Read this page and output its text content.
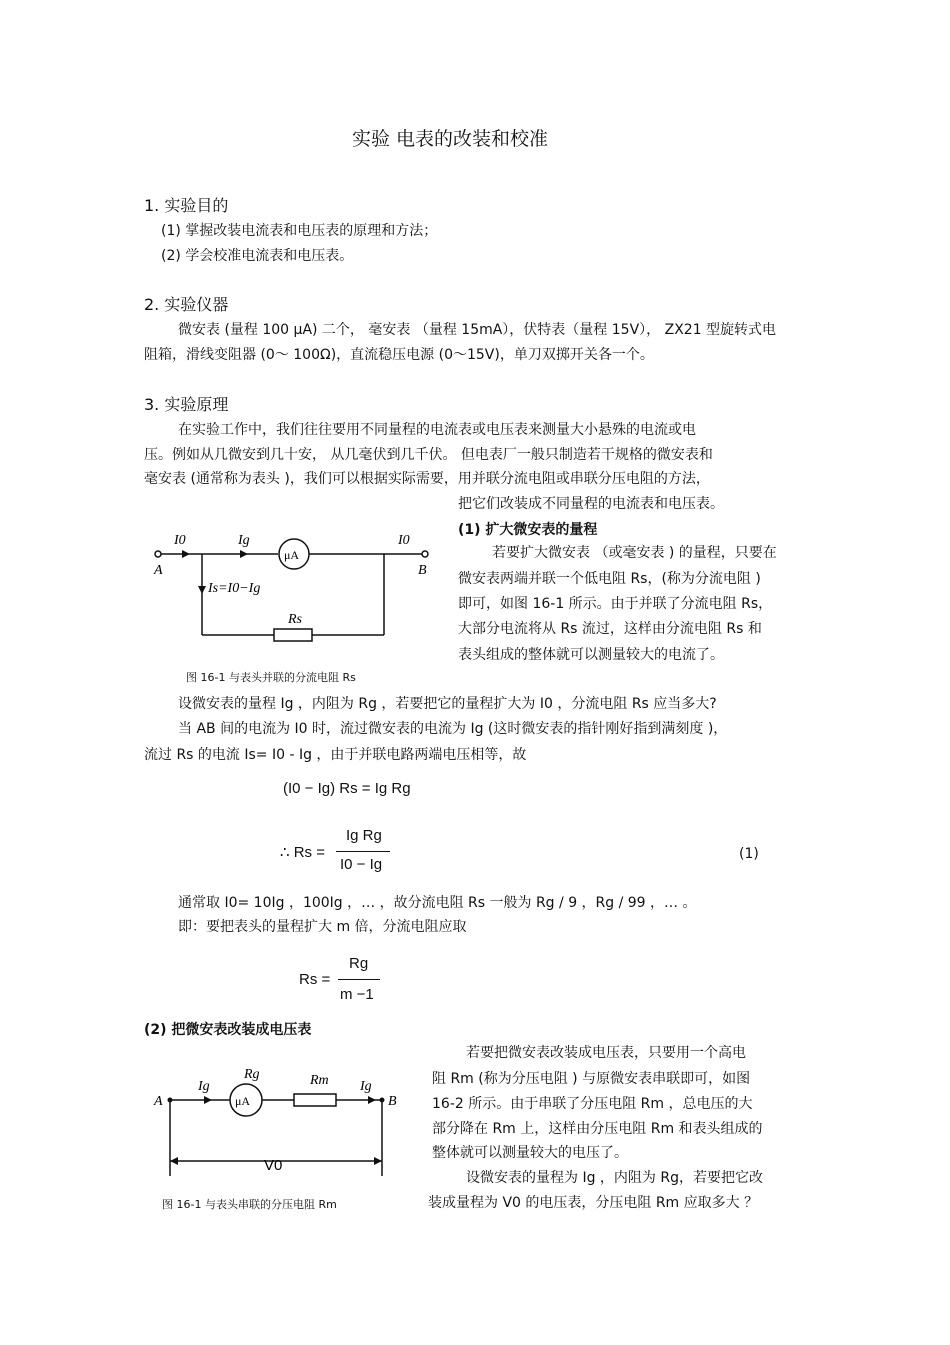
实验 电表的改装和校准
1. 实验目的
(1) 掌握改装电流表和电压表的原理和方法；
(2) 学会校准电流表和电压表。
2. 实验仪器
微安表 (量程 100 μA) 二个， 毫安表 （量程 15mA），伏特表（量程 15V）， ZX21 型旋转式电
阻箱，滑线变阻器 (0～ 100Ω)，直流稳压电源 (0～15V)，单刀双掷开关各一个。
3. 实验原理
在实验工作中，我们往往要用不同量程的电流表或电压表来测量大小悬殊的电流或电
压。例如从几微安到几十安， 从几毫伏到几千伏。 但电表厂一般只制造若干规格的微安表和
毫安表 (通常称为表头 )，我们可以根据实际需要，用并联分流电阻或串联分压电阻的方法，
把它们改装成不同量程的电流表和电压表。
(1) 扩大微安表的量程
若要扩大微安表 （或毫安表 ) 的量程，只要在
微安表两端并联一个低电阻 Rs，(称为分流电阻 )
即可，如图 16-1 所示。由于并联了分流电阻 Rs，
大部分电流将从 Rs 流过，这样由分流电阻 Rs 和
表头组成的整体就可以测量较大的电流了。
I0	Ig
μA
I0
A	B
Is=I0−Ig
Rs
图 16-1 与表头并联的分流电阻 Rs
设微安表的量程 Ig ，内阻为 Rg ，若要把它的量程扩大为 I0 ，分流电阻 Rs 应当多大?
当 AB 间的电流为 I0 时，流过微安表的电流为 Ig (这时微安表的指针刚好指到满刻度 )，
流过 Rs 的电流 Is= I0 - Ig ，由于并联电路两端电压相等，故
(I0 − Ig) Rs = Ig Rg
∴ Rs =
Ig Rg
I0 − Ig
(1)
通常取 I0= 10Ig ，100Ig ，… ，故分流电阻 Rs 一般为 Rg / 9 ，Rg / 99 ，… 。
即：要把表头的量程扩大 m 倍，分流电阻应取
Rs =
Rg
m −1
(2) 把微安表改装成电压表
若要把微安表改装成电压表，只要用一个高电
阻 Rm (称为分压电阻 ) 与原微安表串联即可，如图
16-2 所示。由于串联了分压电阻 Rm ，总电压的大
部分降在 Rm 上，这样由分压电阻 Rm 和表头组成的
整体就可以测量较大的电压了。
设微安表的量程为 Ig ，内阻为 Rg，若要把它改
装成量程为 V0 的电压表，分压电阻 Rm 应取多大 ？
A
Ig
Rg
μA
Rm Ig
B
V0
图 16-1 与表头串联的分压电阻 Rm
